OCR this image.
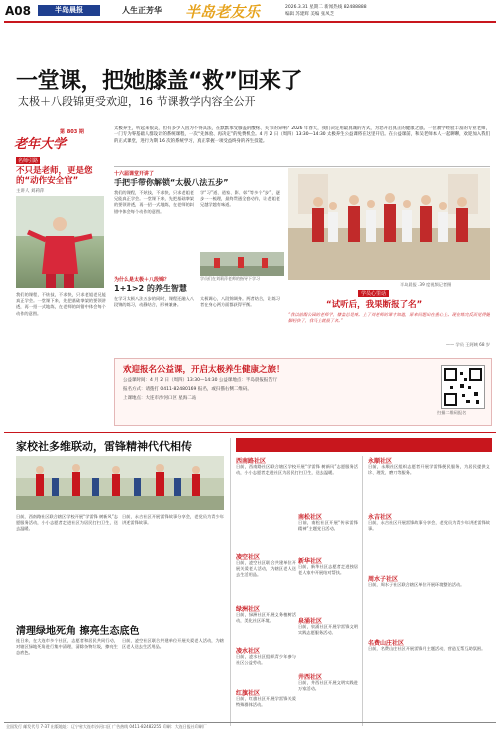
A08	半岛晨报	人生正芳华 半岛老友乐	2026.3.31 星期二 新闻热线 82488888
编辑 苏建辉 美编 张凤芝
一堂课，把她膝盖“救”回来了
太极＋八段锦更受欢迎，16 节课教学内容全公开
第 803 期
老年大学
名师引路
不只是老师，更是您的“动作安全官”
主讲人 刘莉萍
我们的课程，不炫技，不求快，只求老姐老兄能真正学会。一堂课下来，先把基础拳架的要领讲透，再一招一式地练，在老师的纠错中体会每个动作的意图。
太极养生，听起来很美，但有多少人因为不得其法，在默默承受膝盖的酸疼、关节的异响？2026 年春天，我们决定用最真诚的方式，为您开启真正的健康之旅。一位教学经验丰富的专业老师，一门专为零基础人群设计的系统课程，一次“先体验、再决定”的免费机会。4 月 2 日（周四）13:30—14:30 太极养生公益课将在这里开启。在公益课前，和吴老师本人一起聊聊，欢迎加入我们的正式课堂，进行为期 16 次的系统学习，真正掌握一项受益终身的养生技能。
十六届课堂开讲了
手把手带你解锁“太极八法五步”
我们的课程，不炫技，不求快，只求老姐老兄能真正学会。一堂课下来，先把基础拳架的要领讲透，再一招一式地练，在老师的纠错中体会每个动作的意图。
学“习”道、道家、影、彰“等多个“步”，逐步一一梳理，最终贯通全套动作，让老姐老兄越学越有味道。
为什么是太极＋八段锦？
1+1>2 的养生智慧
在学习太极八法五步的同时，课程还融入八段锦的练习，动静结合，形神兼备。
太极调心，八段锦调身。两者结合，让练习者在身心两方面都获得平衡。
半岛晨报 .39 度视频记者摄
学员们在刘莉萍老师的指导下学习
学员心里话
“试听后，我果断报了名”
“我以前跟公园的老师学，膝盖总是疼。上了刘老师的课才知道，原来问题出在重心上。现在练完反而觉得腿脚轻快了，我马上就报了名。”
—— 学员 王阿姨 68 岁
欢迎报名公益课，开启太极养生健康之旅！
公益课时间：4 月 2 日（周四）13:30—14:30 公益课地点：半岛晨报报告厅
报名方式：请拨打 0411-82480169 报名，或扫描右侧二维码。
上课地点：大连市沙河口区 星海二站
扫描二维码报名
家校社多维联动，雷锋精神代代相传
日前，西南路社区联合辖区学校开展“学雷锋 树新风”志愿服务活动，小小志愿者走进社区为居民打扫卫生，送去温暖。
日前，永吉社区开展雷锋故事分享会，老党员为青少年讲述雷锋故事。
西南路社区
日前，西南路社区联合辖区学校开展“学雷锋 树新风”志愿服务活动，小小志愿者走进社区为居民打扫卫生，送去温暖。
凌空社区
日前，凌空社区联合共建单位开展关爱老人活动，为辖区老人送去生活用品。
南松社区
日前，南松社区开展“传承雷锋精神”主题党日活动。
绿洲社区
日前，绿洲社区开展义务植树活动，美化社区环境。
新华社区
日前，新华社区志愿者走进独居老人家中开展结对帮扶。
凌水社区
日前，凌水社区组织青少年参与社区公益劳动。
泉涌社区
日前，泉涌社区开展学雷锋文明实践志愿服务活动。
红旗社区
日前，红旗社区开展学雷锋关爱特殊群体活动。
井西社区
日前，井西社区开展文明实践进万家活动。
永顺社区
日前，永顺社区组织志愿者开展学雷锋便民服务，为居民提供义诊、理发、磨刀等服务。
永吉社区
日前，永吉社区开展雷锋故事分享会，老党员为青少年讲述雷锋故事。
周水子社区
日前，周水子社区联合辖区单位开展环境整治活动。
名费山庄社区
日前，名费山庄社区开展雷锋月主题活动，营造互帮互助氛围。
清理绿地死角 擦亮生态底色
连日来，在大连市多个社区，志愿者和居民共同行动，对辖区绿地死角进行集中清理，清除杂物垃圾，擦亮生态底色。
日前，凌空社区联合共建单位开展关爱老人活动，为辖区老人送去生活用品。
全国发行 邮发代号 7-37 出版地址：辽宁省大连市沙河口区 广告热线 0411-82482255 印刷：大连日报社印刷厂
